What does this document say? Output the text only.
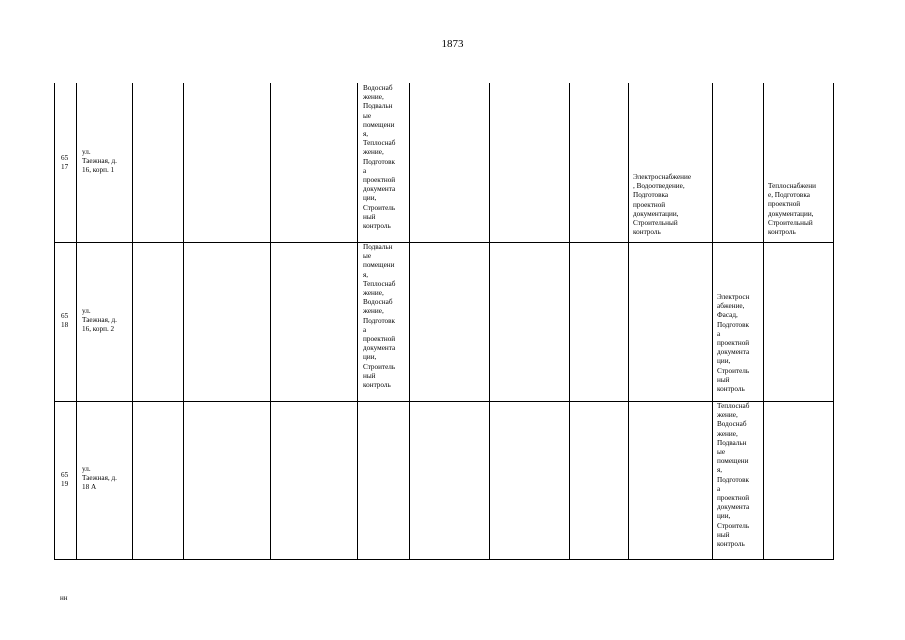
1873
65
17
ул.
Таежная, д.
16, корп. 1
Водоснаб
жение,
Подвальн
ые
помещени
я,
Теплоснаб
жение,
Подготовк
а
проектной
документа
ции,
Строитель
ный
контроль
Электроснабжение
, Водоотведение,
Подготовка
проектной
документации,
Строительный
контроль
Теплоснабжени
е, Подготовка
проектной
документации,
Строительный
контроль
65
18
ул.
Таежная, д.
16, корп. 2
Подвальн
ые
помещени
я,
Теплоснаб
жение,
Водоснаб
жение,
Подготовк
а
проектной
документа
ции,
Строитель
ный
контроль
Электросн
абжение,
Фасад,
Подготовк
а
проектной
документа
ции,
Строитель
ный
контроль
65
19
ул.
Таежная, д.
18 А
Теплоснаб
жение,
Водоснаб
жение,
Подвальн
ые
помещени
я,
Подготовк
а
проектной
документа
ции,
Строитель
ный
контроль
нн
